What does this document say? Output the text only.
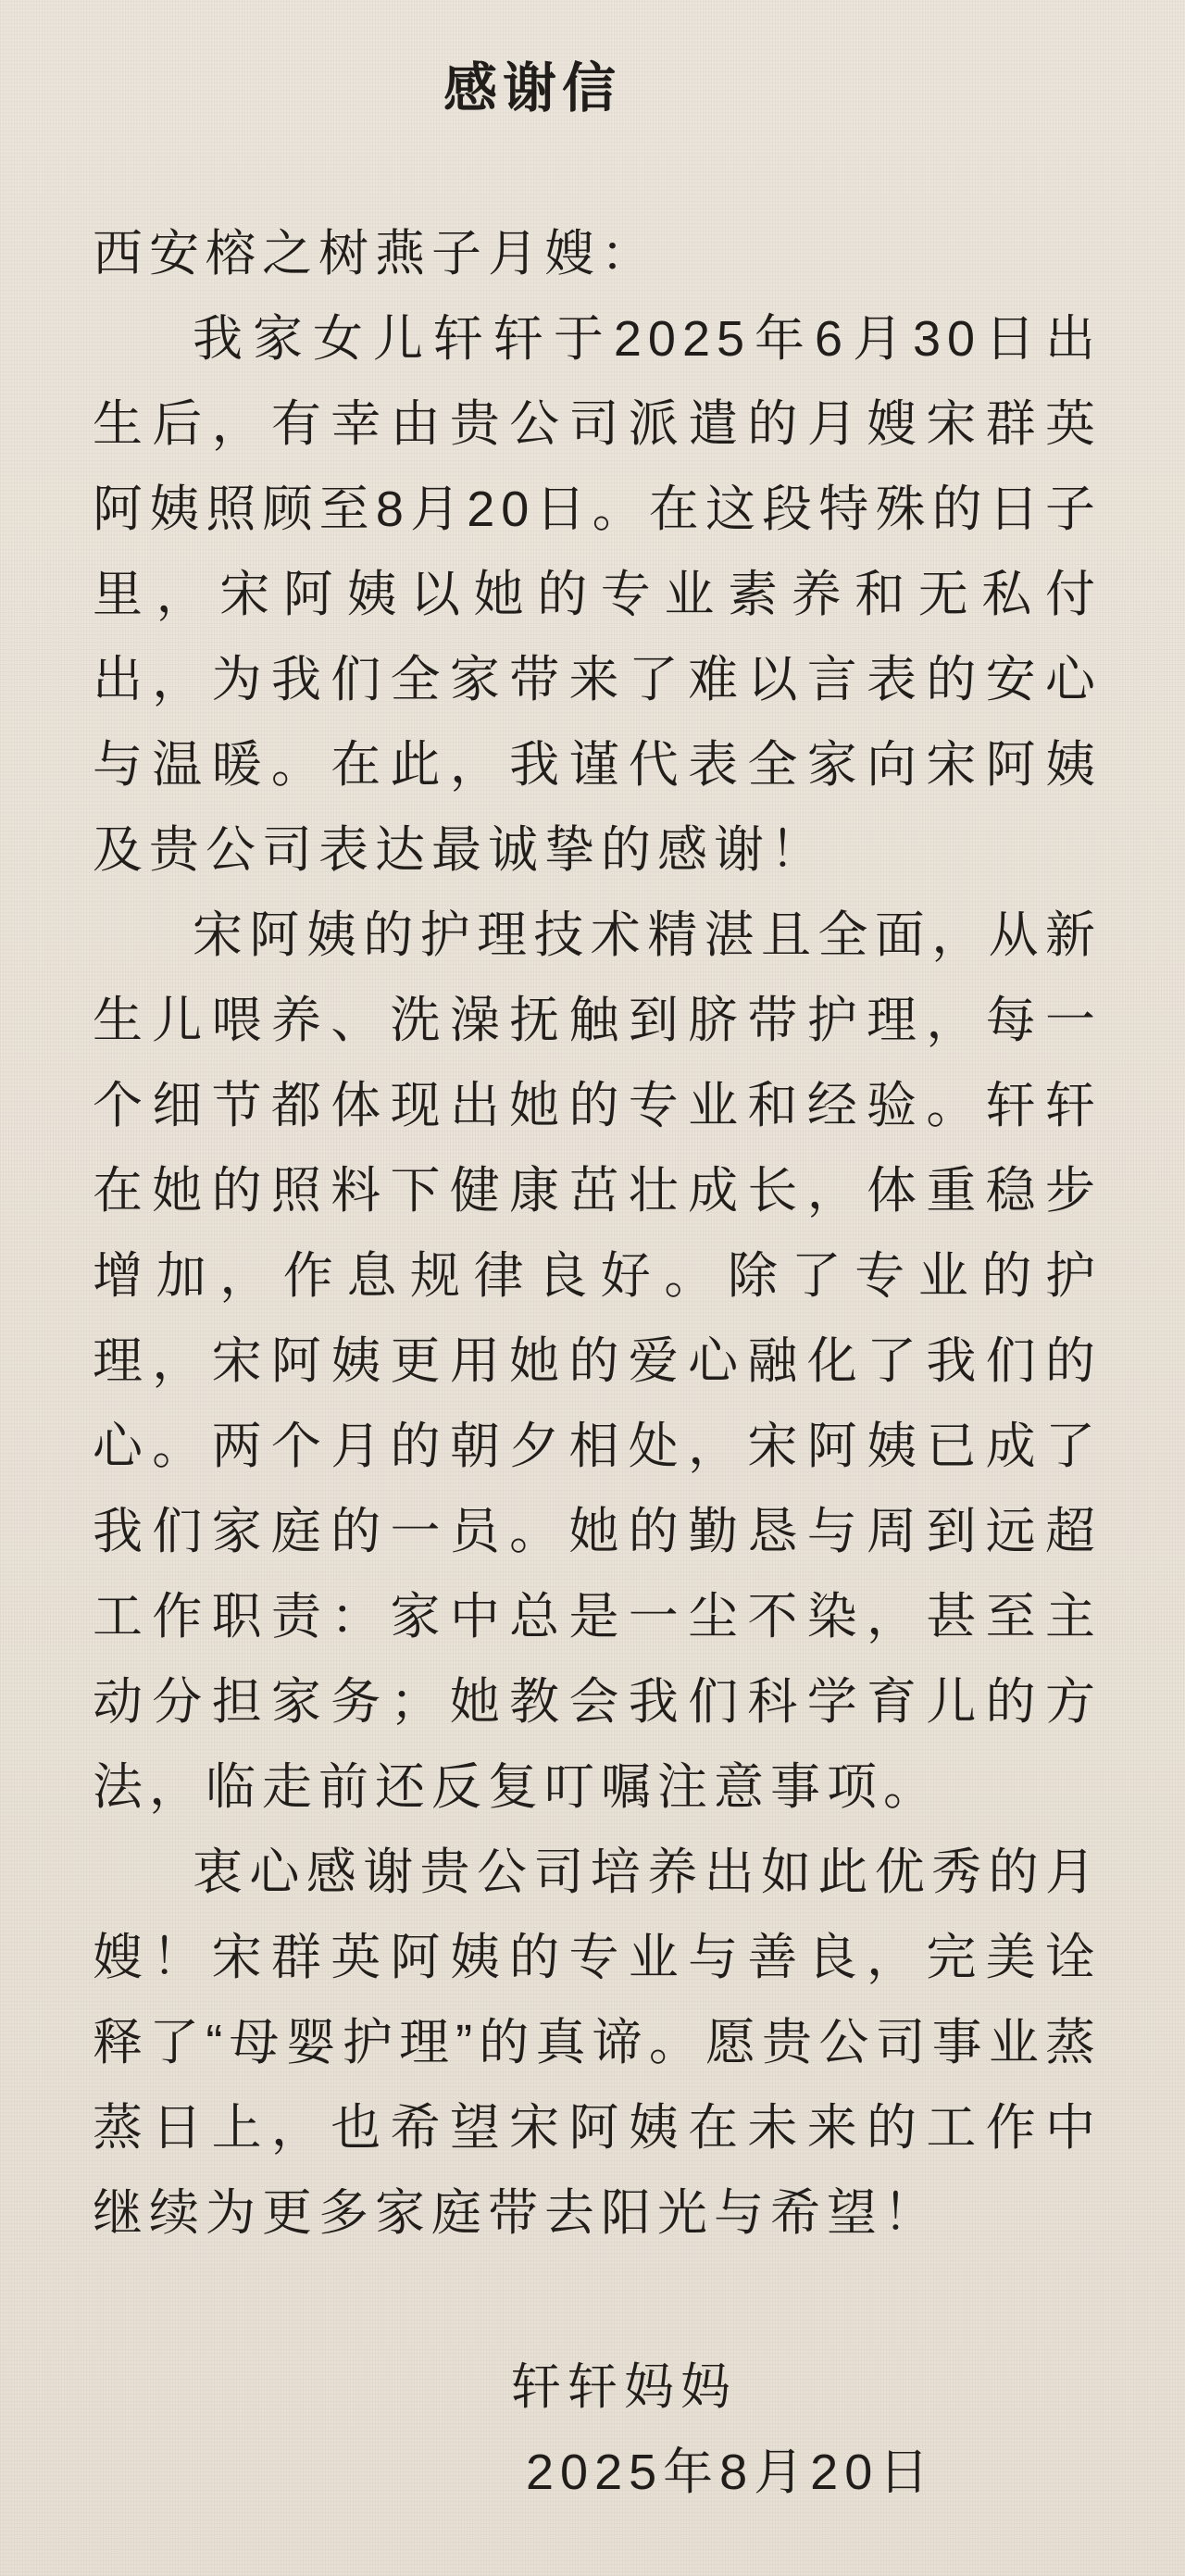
感谢信
西安榕之树燕子月嫂：

我家女儿轩轩于2025年6月30日出生后，有幸由贵公司派遣的月嫂宋群英阿姨照顾至8月20日。在这段特殊的日子里，宋阿姨以她的专业素养和无私付出，为我们全家带来了难以言表的安心与温暖。在此，我谨代表全家向宋阿姨及贵公司表达最诚挚的感谢！

宋阿姨的护理技术精湛且全面，从新生儿喂养、洗澡抚触到脐带护理，每一个细节都体现出她的专业和经验。轩轩在她的照料下健康茁壮成长，体重稳步增加，作息规律良好。除了专业的护理，宋阿姨更用她的爱心融化了我们的心。两个月的朝夕相处，宋阿姨已成了我们家庭的一员。她的勤恳与周到远超工作职责：家中总是一尘不染，甚至主动分担家务；她教会我们科学育儿的方法，临走前还反复叮嘱注意事项。

衷心感谢贵公司培养出如此优秀的月嫂！宋群英阿姨的专业与善良，完美诠释了“母婴护理”的真谛。愿贵公司事业蒸蒸日上，也希望宋阿姨在未来的工作中继续为更多家庭带去阳光与希望！

轩轩妈妈
2025年8月20日
